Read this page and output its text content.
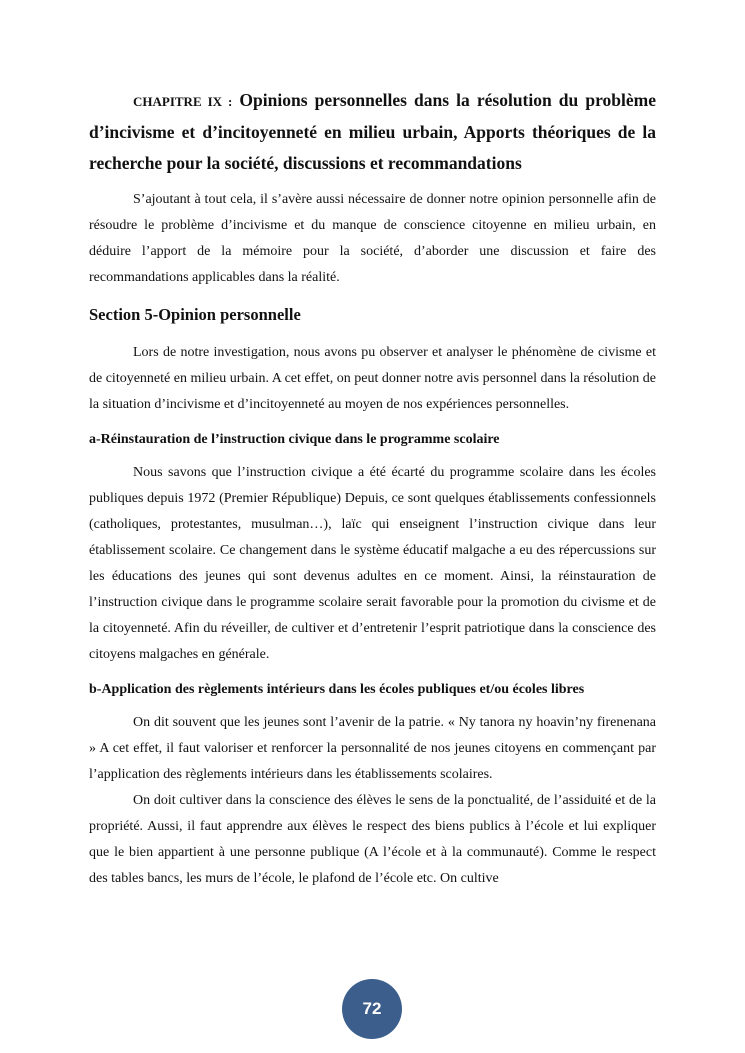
CHAPITRE IX : Opinions personnelles dans la résolution du problème d’incivisme et d’incitoyenneté en milieu urbain, Apports théoriques de la recherche pour la société, discussions et recommandations

S’ajoutant à tout cela, il s’avère aussi nécessaire de donner notre opinion personnelle afin de résoudre le problème d’incivisme et du manque de conscience citoyenne en milieu urbain, en déduire l’apport de la mémoire pour la société, d’aborder une discussion et faire des recommandations applicables dans la réalité.

Section 5-Opinion personnelle

Lors de notre investigation, nous avons pu observer et analyser le phénomène de civisme et de citoyenneté en milieu urbain. A cet effet, on peut donner notre avis personnel dans la résolution de la situation d’incivisme et d’incitoyenneté au moyen de nos expériences personnelles.

a-Réinstauration de l’instruction civique dans le programme scolaire

Nous savons que l’instruction civique a été écarté du programme scolaire dans les écoles publiques depuis 1972 (Premier République) Depuis, ce sont quelques établissements confessionnels (catholiques, protestantes, musulman…), laïc qui enseignent l’instruction civique dans leur établissement scolaire. Ce changement dans le système éducatif malgache a eu des répercussions sur les éducations des jeunes qui sont devenus adultes en ce moment. Ainsi, la réinstauration de l’instruction civique dans le programme scolaire serait favorable pour la promotion du civisme et de la citoyenneté. Afin du réveiller, de cultiver et d’entretenir l’esprit patriotique dans la conscience des citoyens malgaches en générale.

b-Application des règlements intérieurs dans les écoles publiques et/ou écoles libres

On dit souvent que les jeunes sont l’avenir de la patrie. « Ny tanora ny hoavin’ny firenenana » A cet effet, il faut valoriser et renforcer la personnalité de nos jeunes citoyens en commençant par l’application des règlements intérieurs dans les établissements scolaires.

On doit cultiver dans la conscience des élèves le sens de la ponctualité, de l’assiduité et de la propriété. Aussi, il faut apprendre aux élèves le respect des biens publics à l’école et lui expliquer que le bien appartient à une personne publique (A l’école et à la communauté). Comme le respect des tables bancs, les murs de l’école, le plafond de l’école etc. On cultive

72
